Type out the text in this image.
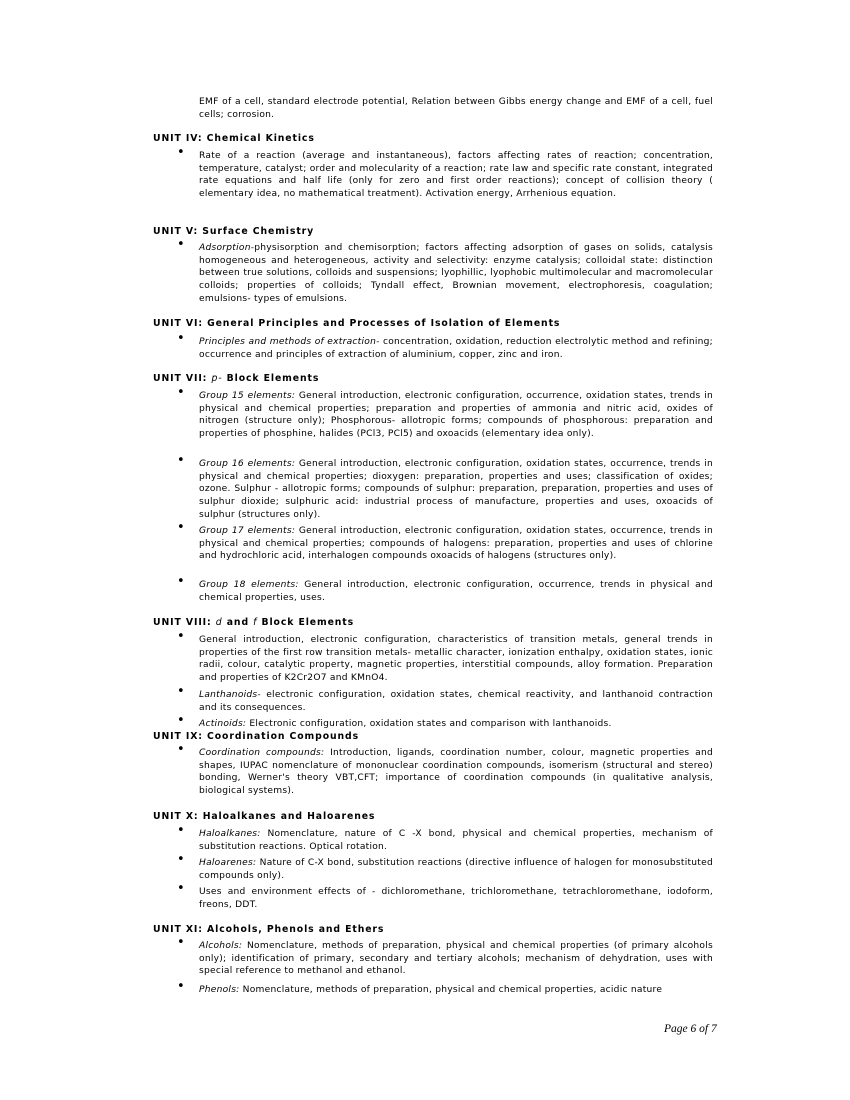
EMF of a cell, standard electrode potential, Relation between Gibbs energy change and EMF of a cell, fuel cells; corrosion.
UNIT IV: Chemical Kinetics
• Rate of a reaction (average and instantaneous), factors affecting rates of reaction; concentration, temperature, catalyst; order and molecularity of a reaction; rate law and specific rate constant, integrated rate equations and half life (only for zero and first order reactions); concept of collision theory ( elementary idea, no mathematical treatment). Activation energy, Arrhenious equation.
UNIT V: Surface Chemistry
• Adsorption-physisorption and chemisorption; factors affecting adsorption of gases on solids, catalysis homogeneous and heterogeneous, activity and selectivity: enzyme catalysis; colloidal state: distinction between true solutions, colloids and suspensions; lyophillic, lyophobic multimolecular and macromolecular colloids; properties of colloids; Tyndall effect, Brownian movement, electrophoresis, coagulation; emulsions- types of emulsions.
UNIT VI: General Principles and Processes of Isolation of Elements
• Principles and methods of extraction- concentration, oxidation, reduction electrolytic method and refining; occurrence and principles of extraction of aluminium, copper, zinc and iron.
UNIT VII: p- Block Elements
• Group 15 elements: General introduction, electronic configuration, occurrence, oxidation states, trends in physical and chemical properties; preparation and properties of ammonia and nitric acid, oxides of nitrogen (structure only); Phosphorous- allotropic forms; compounds of phosphorous: preparation and properties of phosphine, halides (PCl3, PCl5) and oxoacids (elementary idea only).
• Group 16 elements: General introduction, electronic configuration, oxidation states, occurrence, trends in physical and chemical properties; dioxygen: preparation, properties and uses; classification of oxides; ozone. Sulphur - allotropic forms; compounds of sulphur: preparation, preparation, properties and uses of sulphur dioxide; sulphuric acid: industrial process of manufacture, properties and uses, oxoacids of sulphur (structures only).
• Group 17 elements: General introduction, electronic configuration, oxidation states, occurrence, trends in physical and chemical properties; compounds of halogens: preparation, properties and uses of chlorine and hydrochloric acid, interhalogen compounds oxoacids of halogens (structures only).
• Group 18 elements: General introduction, electronic configuration, occurrence, trends in physical and chemical properties, uses.
UNIT VIII: d and f Block Elements
• General introduction, electronic configuration, characteristics of transition metals, general trends in properties of the first row transition metals- metallic character, ionization enthalpy, oxidation states, ionic radii, colour, catalytic property, magnetic properties, interstitial compounds, alloy formation. Preparation and properties of K2Cr2O7 and KMnO4.
• Lanthanoids- electronic configuration, oxidation states, chemical reactivity, and lanthanoid contraction and its consequences.
• Actinoids: Electronic configuration, oxidation states and comparison with lanthanoids.
UNIT IX: Coordination Compounds
• Coordination compounds: Introduction, ligands, coordination number, colour, magnetic properties and shapes, IUPAC nomenclature of mononuclear coordination compounds, isomerism (structural and stereo) bonding, Werner's theory VBT,CFT; importance of coordination compounds (in qualitative analysis, biological systems).
UNIT X: Haloalkanes and Haloarenes
• Haloalkanes: Nomenclature, nature of C -X bond, physical and chemical properties, mechanism of substitution reactions. Optical rotation.
• Haloarenes: Nature of C-X bond, substitution reactions (directive influence of halogen for monosubstituted compounds only).
• Uses and environment effects of - dichloromethane, trichloromethane, tetrachloromethane, iodoform, freons, DDT.
UNIT XI: Alcohols, Phenols and Ethers
• Alcohols: Nomenclature, methods of preparation, physical and chemical properties (of primary alcohols only); identification of primary, secondary and tertiary alcohols; mechanism of dehydration, uses with special reference to methanol and ethanol.
• Phenols: Nomenclature, methods of preparation, physical and chemical properties, acidic nature
Page 6 of 7
